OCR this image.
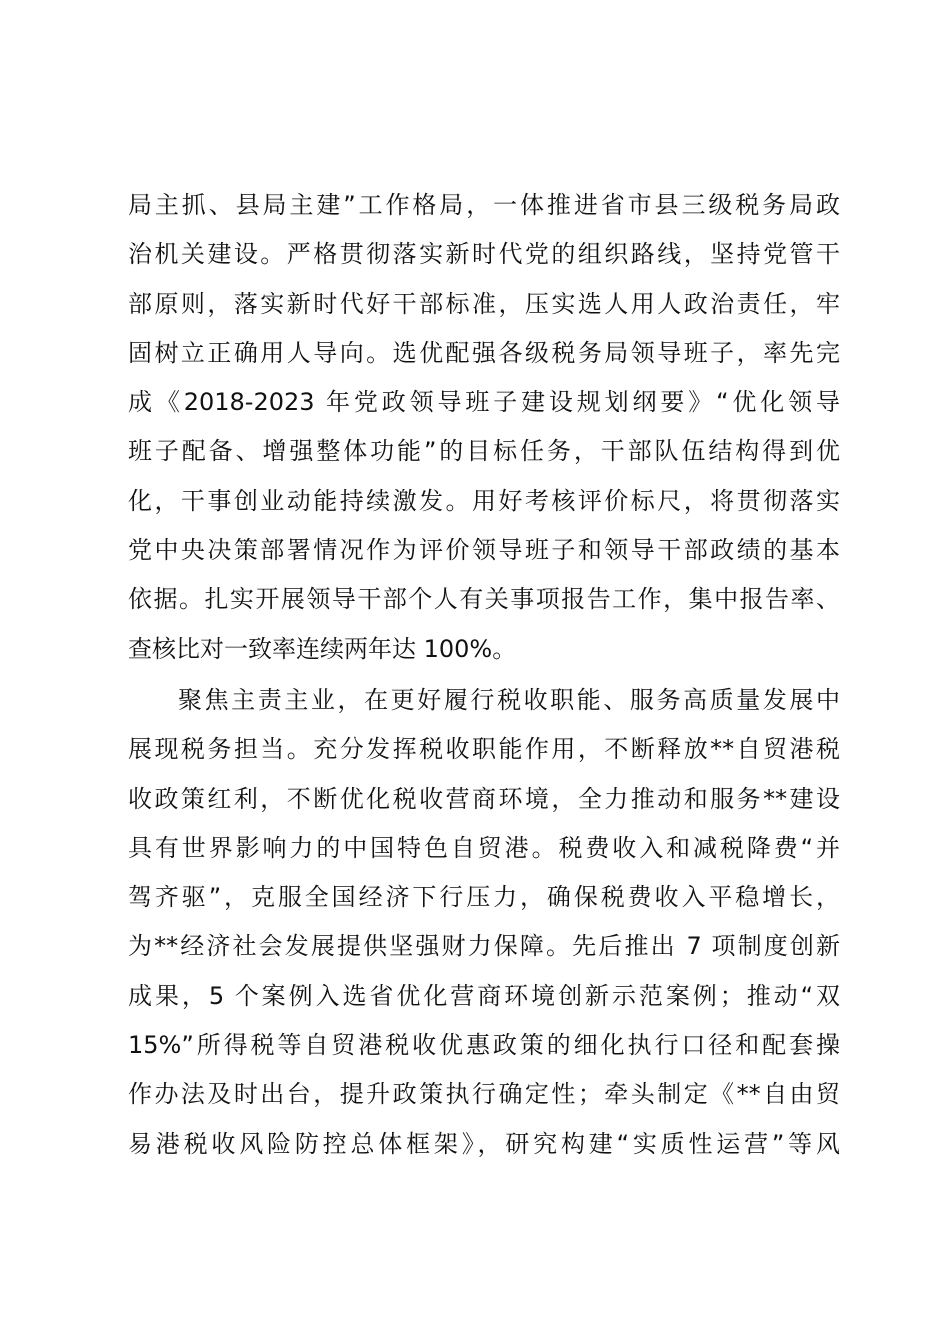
局主抓、县局主建”工作格局，一体推进省市县三级税务局政
治机关建设。严格贯彻落实新时代党的组织路线，坚持党管干
部原则，落实新时代好干部标准，压实选人用人政治责任，牢
固树立正确用人导向。选优配强各级税务局领导班子，率先完
成《2018-2023 年党政领导班子建设规划纲要》“优化领导
班子配备、增强整体功能”的目标任务，干部队伍结构得到优
化，干事创业动能持续激发。用好考核评价标尺，将贯彻落实
党中央决策部署情况作为评价领导班子和领导干部政绩的基本
依据。扎实开展领导干部个人有关事项报告工作，集中报告率、
查核比对一致率连续两年达 100%。
聚焦主责主业，在更好履行税收职能、服务高质量发展中
展现税务担当。充分发挥税收职能作用，不断释放**自贸港税
收政策红利，不断优化税收营商环境，全力推动和服务**建设
具有世界影响力的中国特色自贸港。税费收入和减税降费“并
驾齐驱”，克服全国经济下行压力，确保税费收入平稳增长，
为**经济社会发展提供坚强财力保障。先后推出 7 项制度创新
成果，5 个案例入选省优化营商环境创新示范案例；推动“双
15%”所得税等自贸港税收优惠政策的细化执行口径和配套操
作办法及时出台，提升政策执行确定性；牵头制定《**自由贸
易港税收风险防控总体框架》，研究构建“实质性运营”等风
